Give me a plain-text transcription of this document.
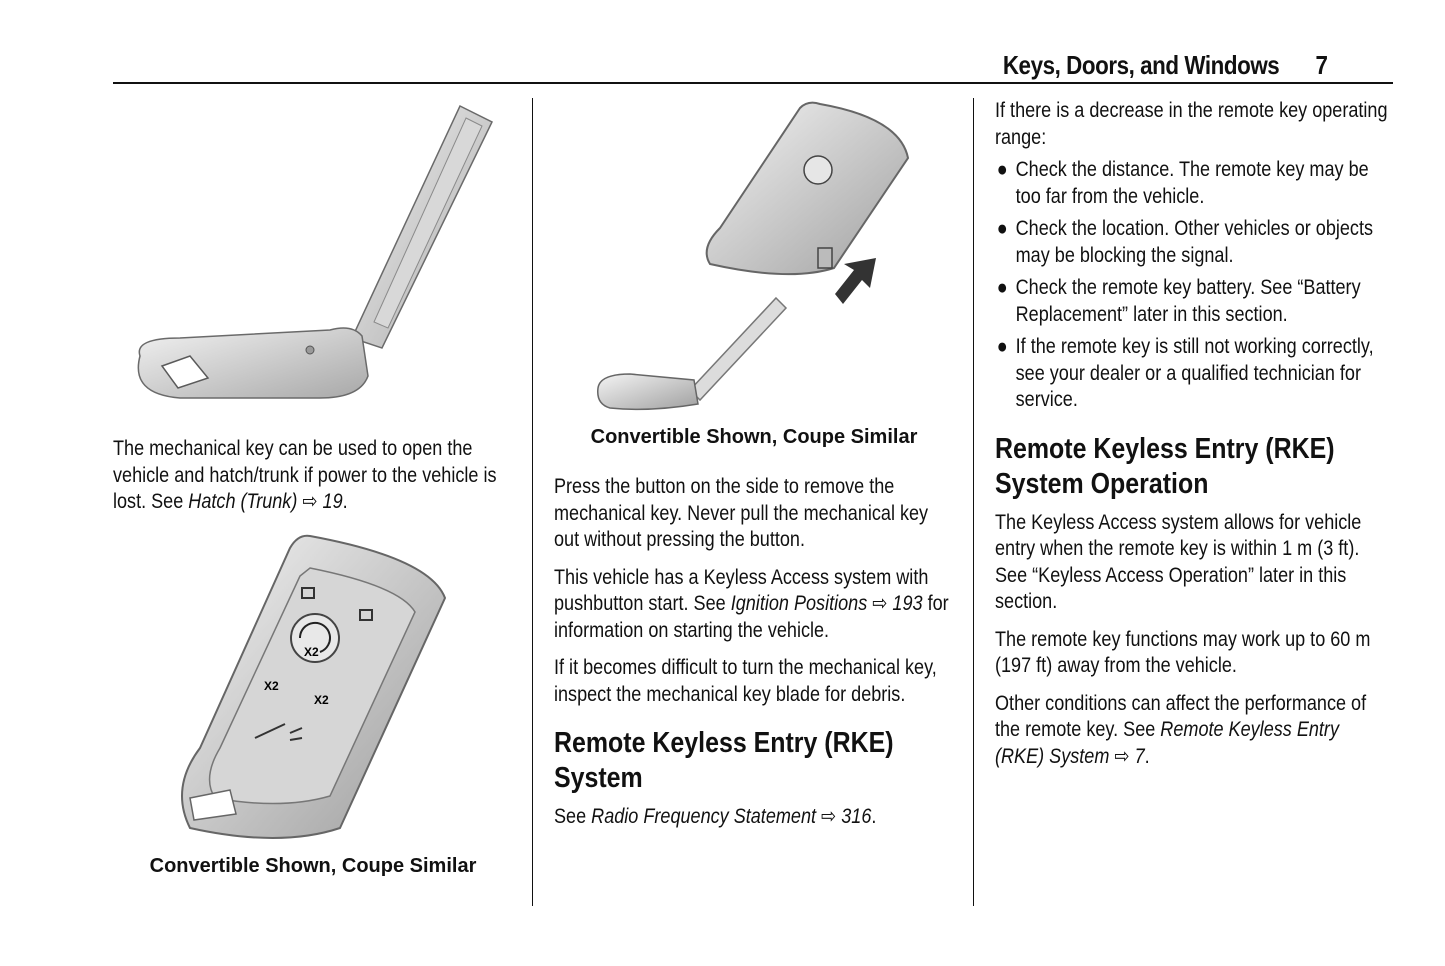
Keys, Doors, and Windows 7

The mechanical key can be used to open the vehicle and hatch/trunk if power to the vehicle is lost. See Hatch (Trunk) ⇨ 19.

X2
X2
X2
Convertible Shown, Coupe Similar
Convertible Shown, Coupe Similar

Press the button on the side to remove the mechanical key. Never pull the mechanical key out without pressing the button.

This vehicle has a Keyless Access system with pushbutton start. See Ignition Positions ⇨ 193 for information on starting the vehicle.

If it becomes difficult to turn the mechanical key, inspect the mechanical key blade for debris.

Remote Keyless Entry (RKE) System

See Radio Frequency Statement ⇨ 316.

If there is a decrease in the remote key operating range:

● Check the distance. The remote key may be too far from the vehicle.
● Check the location. Other vehicles or objects may be blocking the signal.
● Check the remote key battery. See “Battery Replacement” later in this section.
● If the remote key is still not working correctly, see your dealer or a qualified technician for service.
Remote Keyless Entry (RKE) System Operation

The Keyless Access system allows for vehicle entry when the remote key is within 1 m (3 ft). See “Keyless Access Operation” later in this section.

The remote key functions may work up to 60 m (197 ft) away from the vehicle.

Other conditions can affect the performance of the remote key. See Remote Keyless Entry (RKE) System ⇨ 7.
